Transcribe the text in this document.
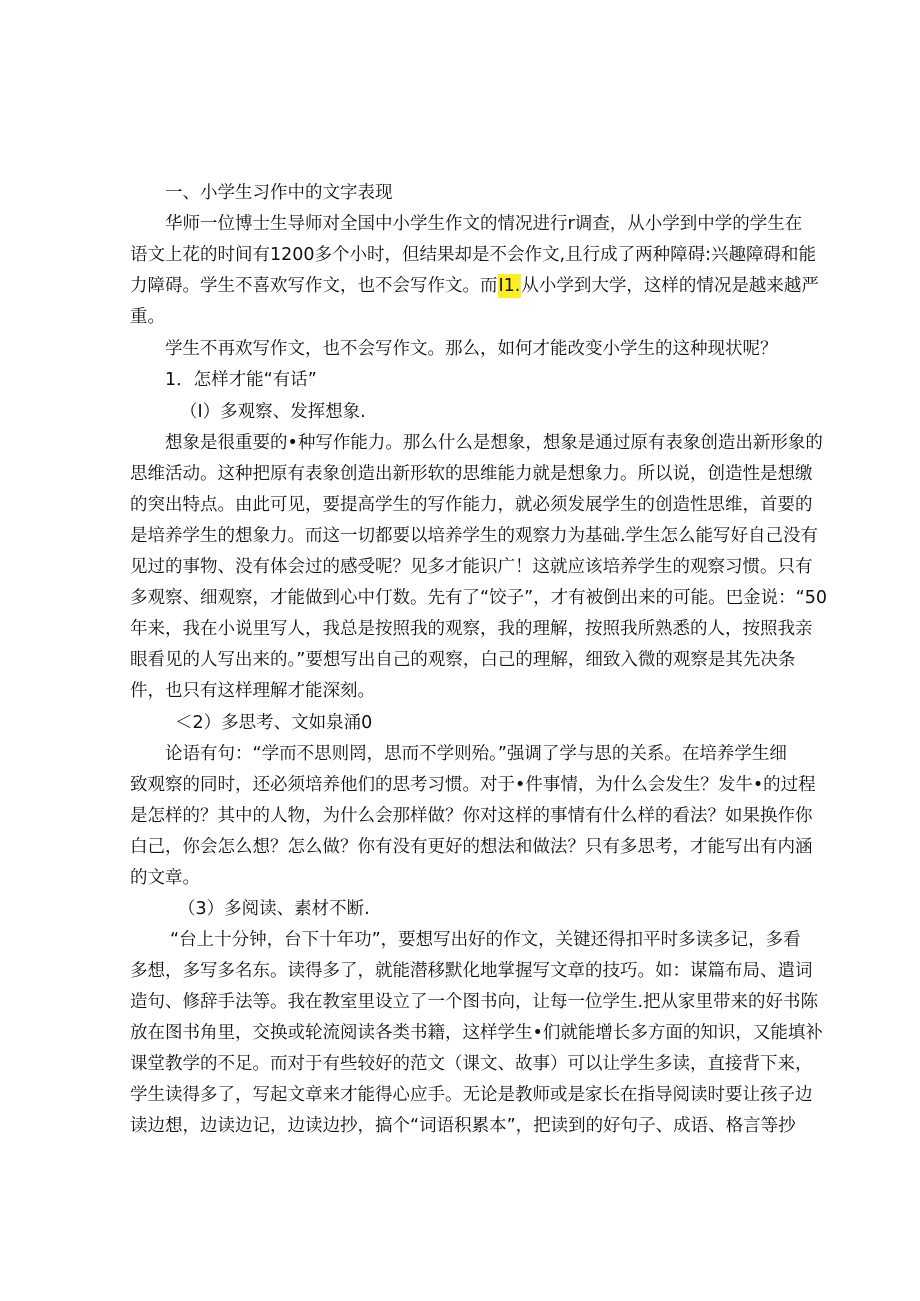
一、小学生习作中的文字表现
华师一位博士生导师对全国中小学生作文的情况进行r调查，从小学到中学的学生在
语文上花的时间有1200多个小时，但结果却是不会作文,且行成了两种障碍:兴趣障碍和能
力障碍。学生不喜欢写作文，也不会写作文。而I1.从小学到大学，这样的情况是越来越严
重。
学生不再欢写作文，也不会写作文。那么，如何才能改变小学生的这种现状呢？
1．怎样才能“有话”
（I）多观察、发挥想象.
想象是很重要的•种写作能力。那么什么是想象，想象是通过原有表象创造出新形象的
思维活动。这种把原有表象创造出新形软的思维能力就是想象力。所以说，创造性是想缴
的突出特点。由此可见，要提高学生的写作能力，就必须发展学生的创造性思维，首要的
是培养学生的想象力。而这一切都要以培养学生的观察力为基础.学生怎么能写好自己没有
见过的事物、没有体会过的感受呢？见多才能识广！这就应该培养学生的观察习惯。只有
多观察、细观察，才能做到心中仃数。先有了“饺子”，才有被倒出来的可能。巴金说：“50
年来，我在小说里写人，我总是按照我的观察，我的理解，按照我所熟悉的人，按照我亲
眼看见的人写出来的。”要想写出自己的观察，白己的理解，细致入微的观察是其先决条
件，也只有这样理解才能深刻。
＜2）多思考、文如泉涌0
论语有句：“学而不思则罔，思而不学则殆。”强调了学与思的关系。在培养学生细
致观察的同时，还必须培养他们的思考习惯。对于•件事情，为什么会发生？发牛•的过程
是怎样的？其中的人物，为什么会那样做？你对这样的事情有什么样的看法？如果换作你
白己，你会怎么想？怎么做？你有没有更好的想法和做法？只有多思考，才能写出有内涵
的文章。
（3）多阅读、素材不断.
“台上十分钟，台下十年功”，要想写出好的作文，关键还得扣平时多读多记，多看
多想，多写多名东。读得多了，就能潜移默化地掌握写文章的技巧。如：谋篇布局、遣词
造句、修辞手法等。我在教室里设立了一个图书向，让每一位学生.把从家里带来的好书陈
放在图书角里，交换或轮流阅读各类书籍，这样学生•们就能增长多方面的知识，又能填补
课堂教学的不足。而对于有些较好的范文（课文、故事）可以让学生多读，直接背下来，
学生读得多了，写起文章来才能得心应手。无论是教师或是家长在指导阅读时要让孩子边
读边想，边读边记，边读边抄，搞个“词语积累本”，把读到的好句子、成语、格言等抄
